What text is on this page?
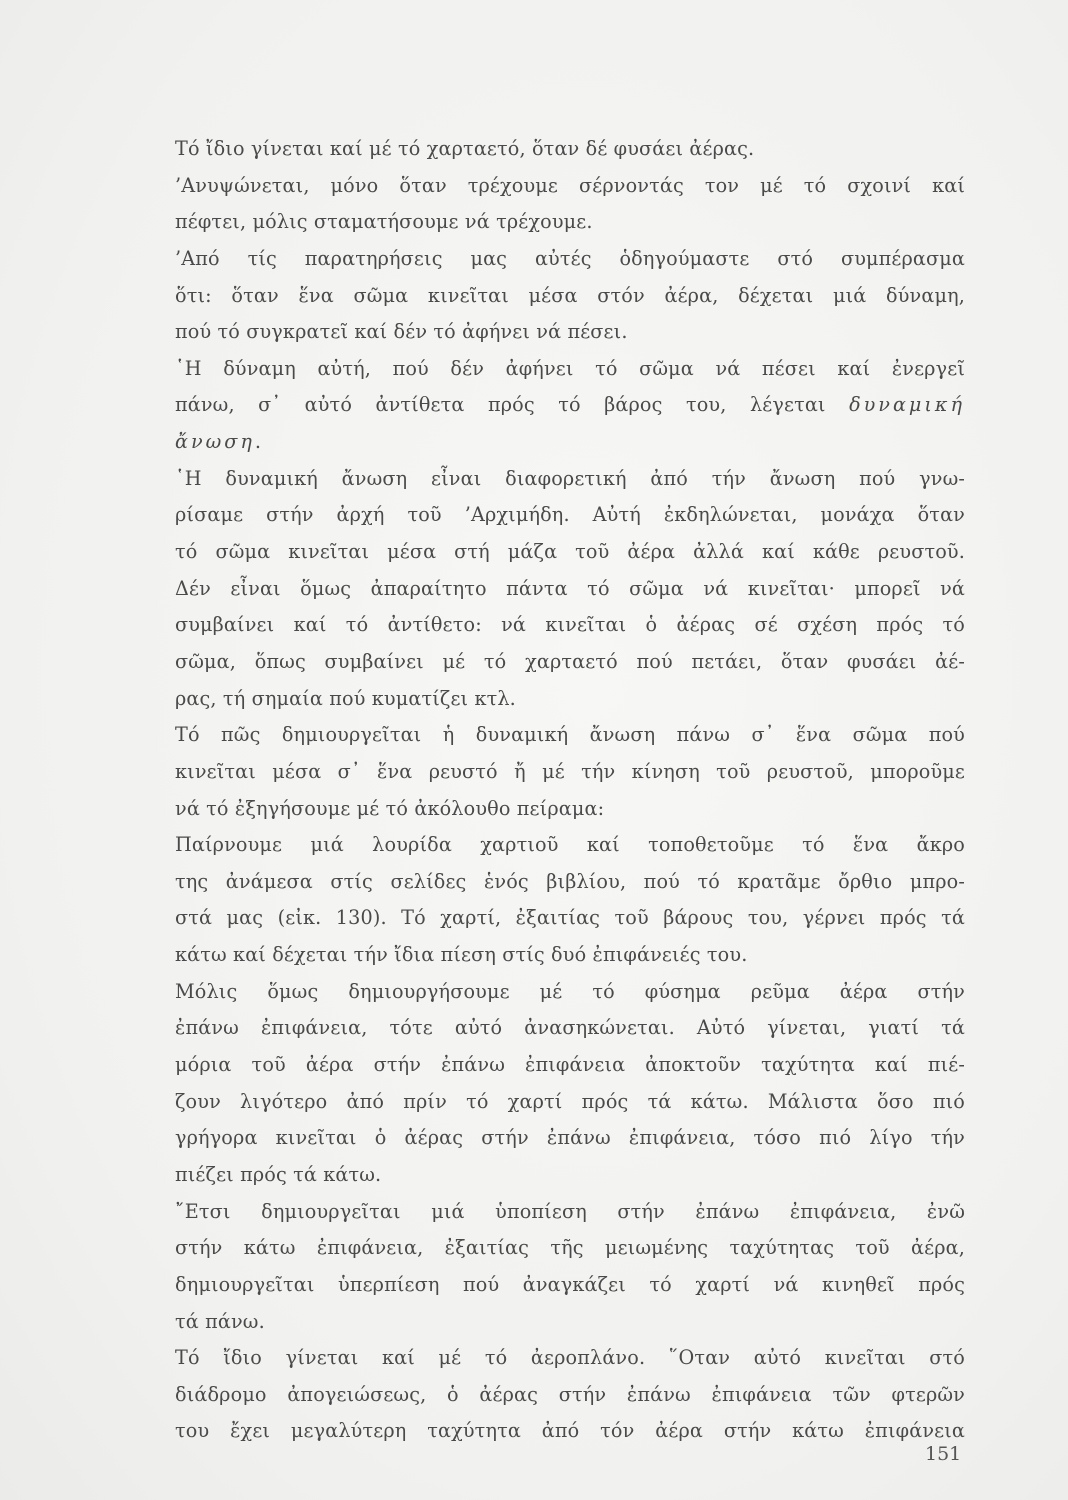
Τό ἴδιο γίνεται καί μέ τό χαρταετό, ὅταν δέ φυσάει ἀέρας.
’Ανυψώνεται, μόνο ὅταν τρέχουμε σέρνοντάς τον μέ τό σχοινί καί
πέφτει, μόλις σταματήσουμε νά τρέχουμε.
’Από τίς παρατηρήσεις μας αὐτές ὁδηγούμαστε στό συμπέρασμα
ὅτι: ὅταν ἕνα σῶμα κινεῖται μέσα στόν ἀέρα, δέχεται μιά δύναμη,
πού τό συγκρατεῖ καί δέν τό ἀφήνει νά πέσει.
῾Η δύναμη αὐτή, πού δέν ἀφήνει τό σῶμα νά πέσει καί ἐνεργεῖ
πάνω, σ᾽ αὐτό ἀντίθετα πρός τό βάρος του, λέγεται δυναμική
ἄνωση.
῾Η δυναμική ἄνωση εἶναι διαφορετική ἀπό τήν ἄνωση πού γνω-
ρίσαμε στήν ἀρχή τοῦ ’Αρχιμήδη. Αὐτή ἐκδηλώνεται, μονάχα ὅταν
τό σῶμα κινεῖται μέσα στή μάζα τοῦ ἀέρα ἀλλά καί κάθε ρευστοῦ.
Δέν εἶναι ὅμως ἀπαραίτητο πάντα τό σῶμα νά κινεῖται· μπορεῖ νά
συμβαίνει καί τό ἀντίθετο: νά κινεῖται ὁ ἀέρας σέ σχέση πρός τό
σῶμα, ὅπως συμβαίνει μέ τό χαρταετό πού πετάει, ὅταν φυσάει ἀέ-
ρας, τή σημαία πού κυματίζει κτλ.
Τό πῶς δημιουργεῖται ἡ δυναμική ἄνωση πάνω σ᾽ ἕνα σῶμα πού
κινεῖται μέσα σ᾽ ἕνα ρευστό ἤ μέ τήν κίνηση τοῦ ρευστοῦ, μποροῦμε
νά τό ἐξηγήσουμε μέ τό ἀκόλουθο πείραμα:
Παίρνουμε μιά λουρίδα χαρτιοῦ καί τοποθετοῦμε τό ἕνα ἄκρο
της ἀνάμεσα στίς σελίδες ἑνός βιβλίου, πού τό κρατᾶμε ὄρθιο μπρο-
στά μας (εἰκ. 130). Τό χαρτί, ἐξαιτίας τοῦ βάρους του, γέρνει πρός τά
κάτω καί δέχεται τήν ἴδια πίεση στίς δυό ἐπιφάνειές του.
Μόλις ὅμως δημιουργήσουμε μέ τό φύσημα ρεῦμα ἀέρα στήν
ἐπάνω ἐπιφάνεια, τότε αὐτό ἀνασηκώνεται. Αὐτό γίνεται, γιατί τά
μόρια τοῦ ἀέρα στήν ἐπάνω ἐπιφάνεια ἀποκτοῦν ταχύτητα καί πιέ-
ζουν λιγότερο ἀπό πρίν τό χαρτί πρός τά κάτω. Μάλιστα ὅσο πιό
γρήγορα κινεῖται ὁ ἀέρας στήν ἐπάνω ἐπιφάνεια, τόσο πιό λίγο τήν
πιέζει πρός τά κάτω.
῎Ετσι δημιουργεῖται μιά ὑποπίεση στήν ἐπάνω ἐπιφάνεια, ἐνῶ
στήν κάτω ἐπιφάνεια, ἐξαιτίας τῆς μειωμένης ταχύτητας τοῦ ἀέρα,
δημιουργεῖται ὑπερπίεση πού ἀναγκάζει τό χαρτί νά κινηθεῖ πρός
τά πάνω.
Τό ἴδιο γίνεται καί μέ τό ἀεροπλάνο. ῞Οταν αὐτό κινεῖται στό
διάδρομο ἀπογειώσεως, ὁ ἀέρας στήν ἐπάνω ἐπιφάνεια τῶν φτερῶν
του ἔχει μεγαλύτερη ταχύτητα ἀπό τόν ἀέρα στήν κάτω ἐπιφάνεια
151
